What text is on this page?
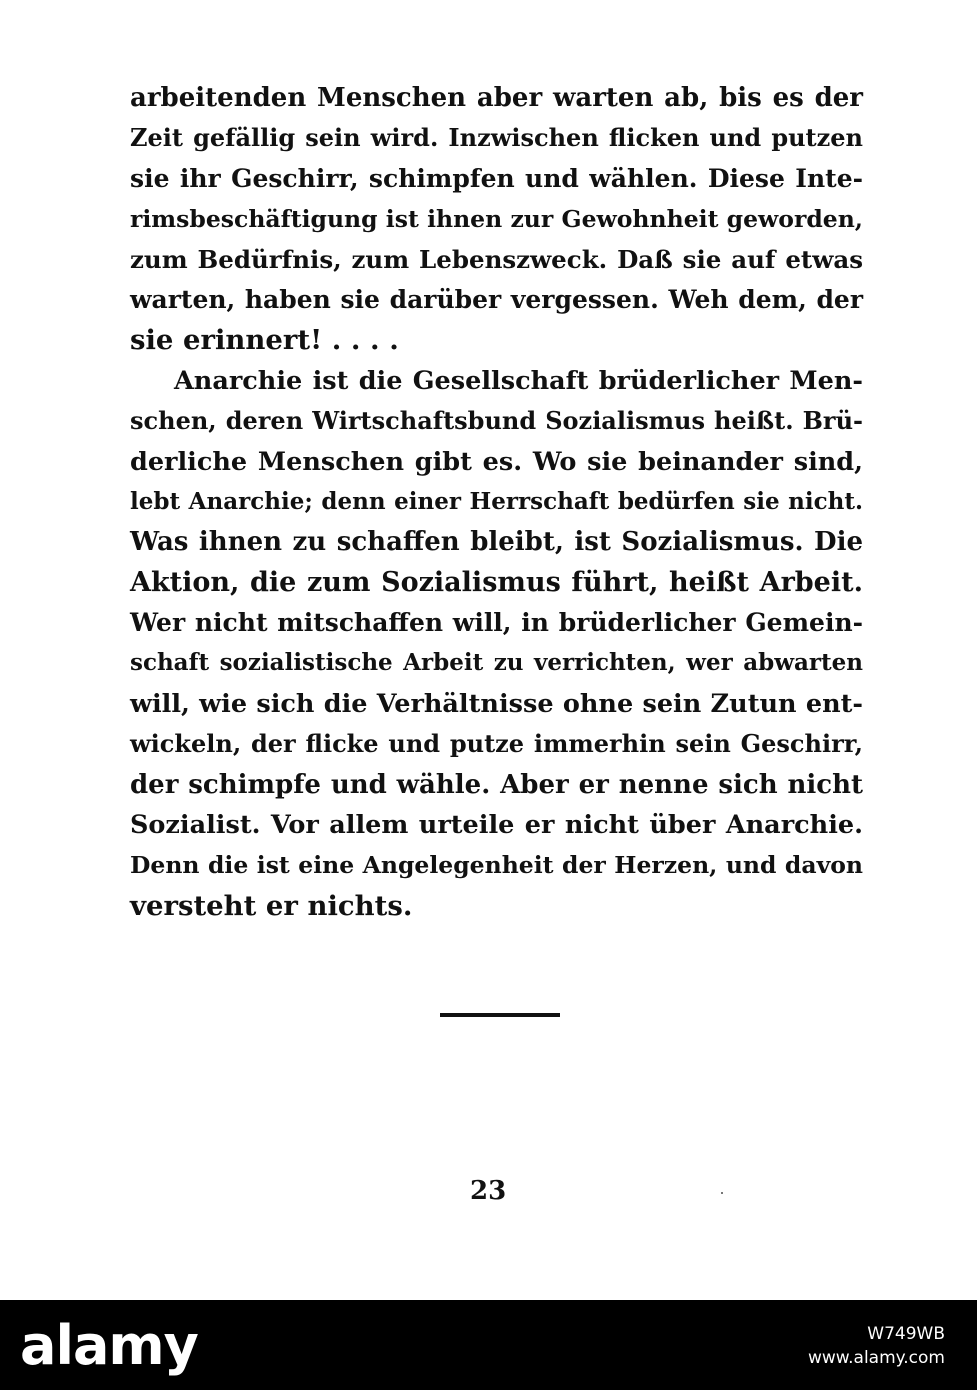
arbeitenden Menschen aber warten ab, bis es der
Zeit gefällig sein wird. Inzwischen flicken und putzen
sie ihr Geschirr, schimpfen und wählen. Diese Inte-
rimsbeschäftigung ist ihnen zur Gewohnheit geworden,
zum Bedürfnis, zum Lebenszweck. Daß sie auf etwas
warten, haben sie darüber vergessen. Weh dem, der
sie erinnert! . . . .
Anarchie ist die Gesellschaft brüderlicher Men-
schen, deren Wirtschaftsbund Sozialismus heißt. Brü-
derliche Menschen gibt es. Wo sie beinander sind,
lebt Anarchie; denn einer Herrschaft bedürfen sie nicht.
Was ihnen zu schaffen bleibt, ist Sozialismus. Die
Aktion, die zum Sozialismus führt, heißt Arbeit.
Wer nicht mitschaffen will, in brüderlicher Gemein-
schaft sozialistische Arbeit zu verrichten, wer abwarten
will, wie sich die Verhältnisse ohne sein Zutun ent-
wickeln, der flicke und putze immerhin sein Geschirr,
der schimpfe und wähle. Aber er nenne sich nicht
Sozialist. Vor allem urteile er nicht über Anarchie.
Denn die ist eine Angelegenheit der Herzen, und davon
versteht er nichts.
23
alamy	W749WB
www.alamy.com
